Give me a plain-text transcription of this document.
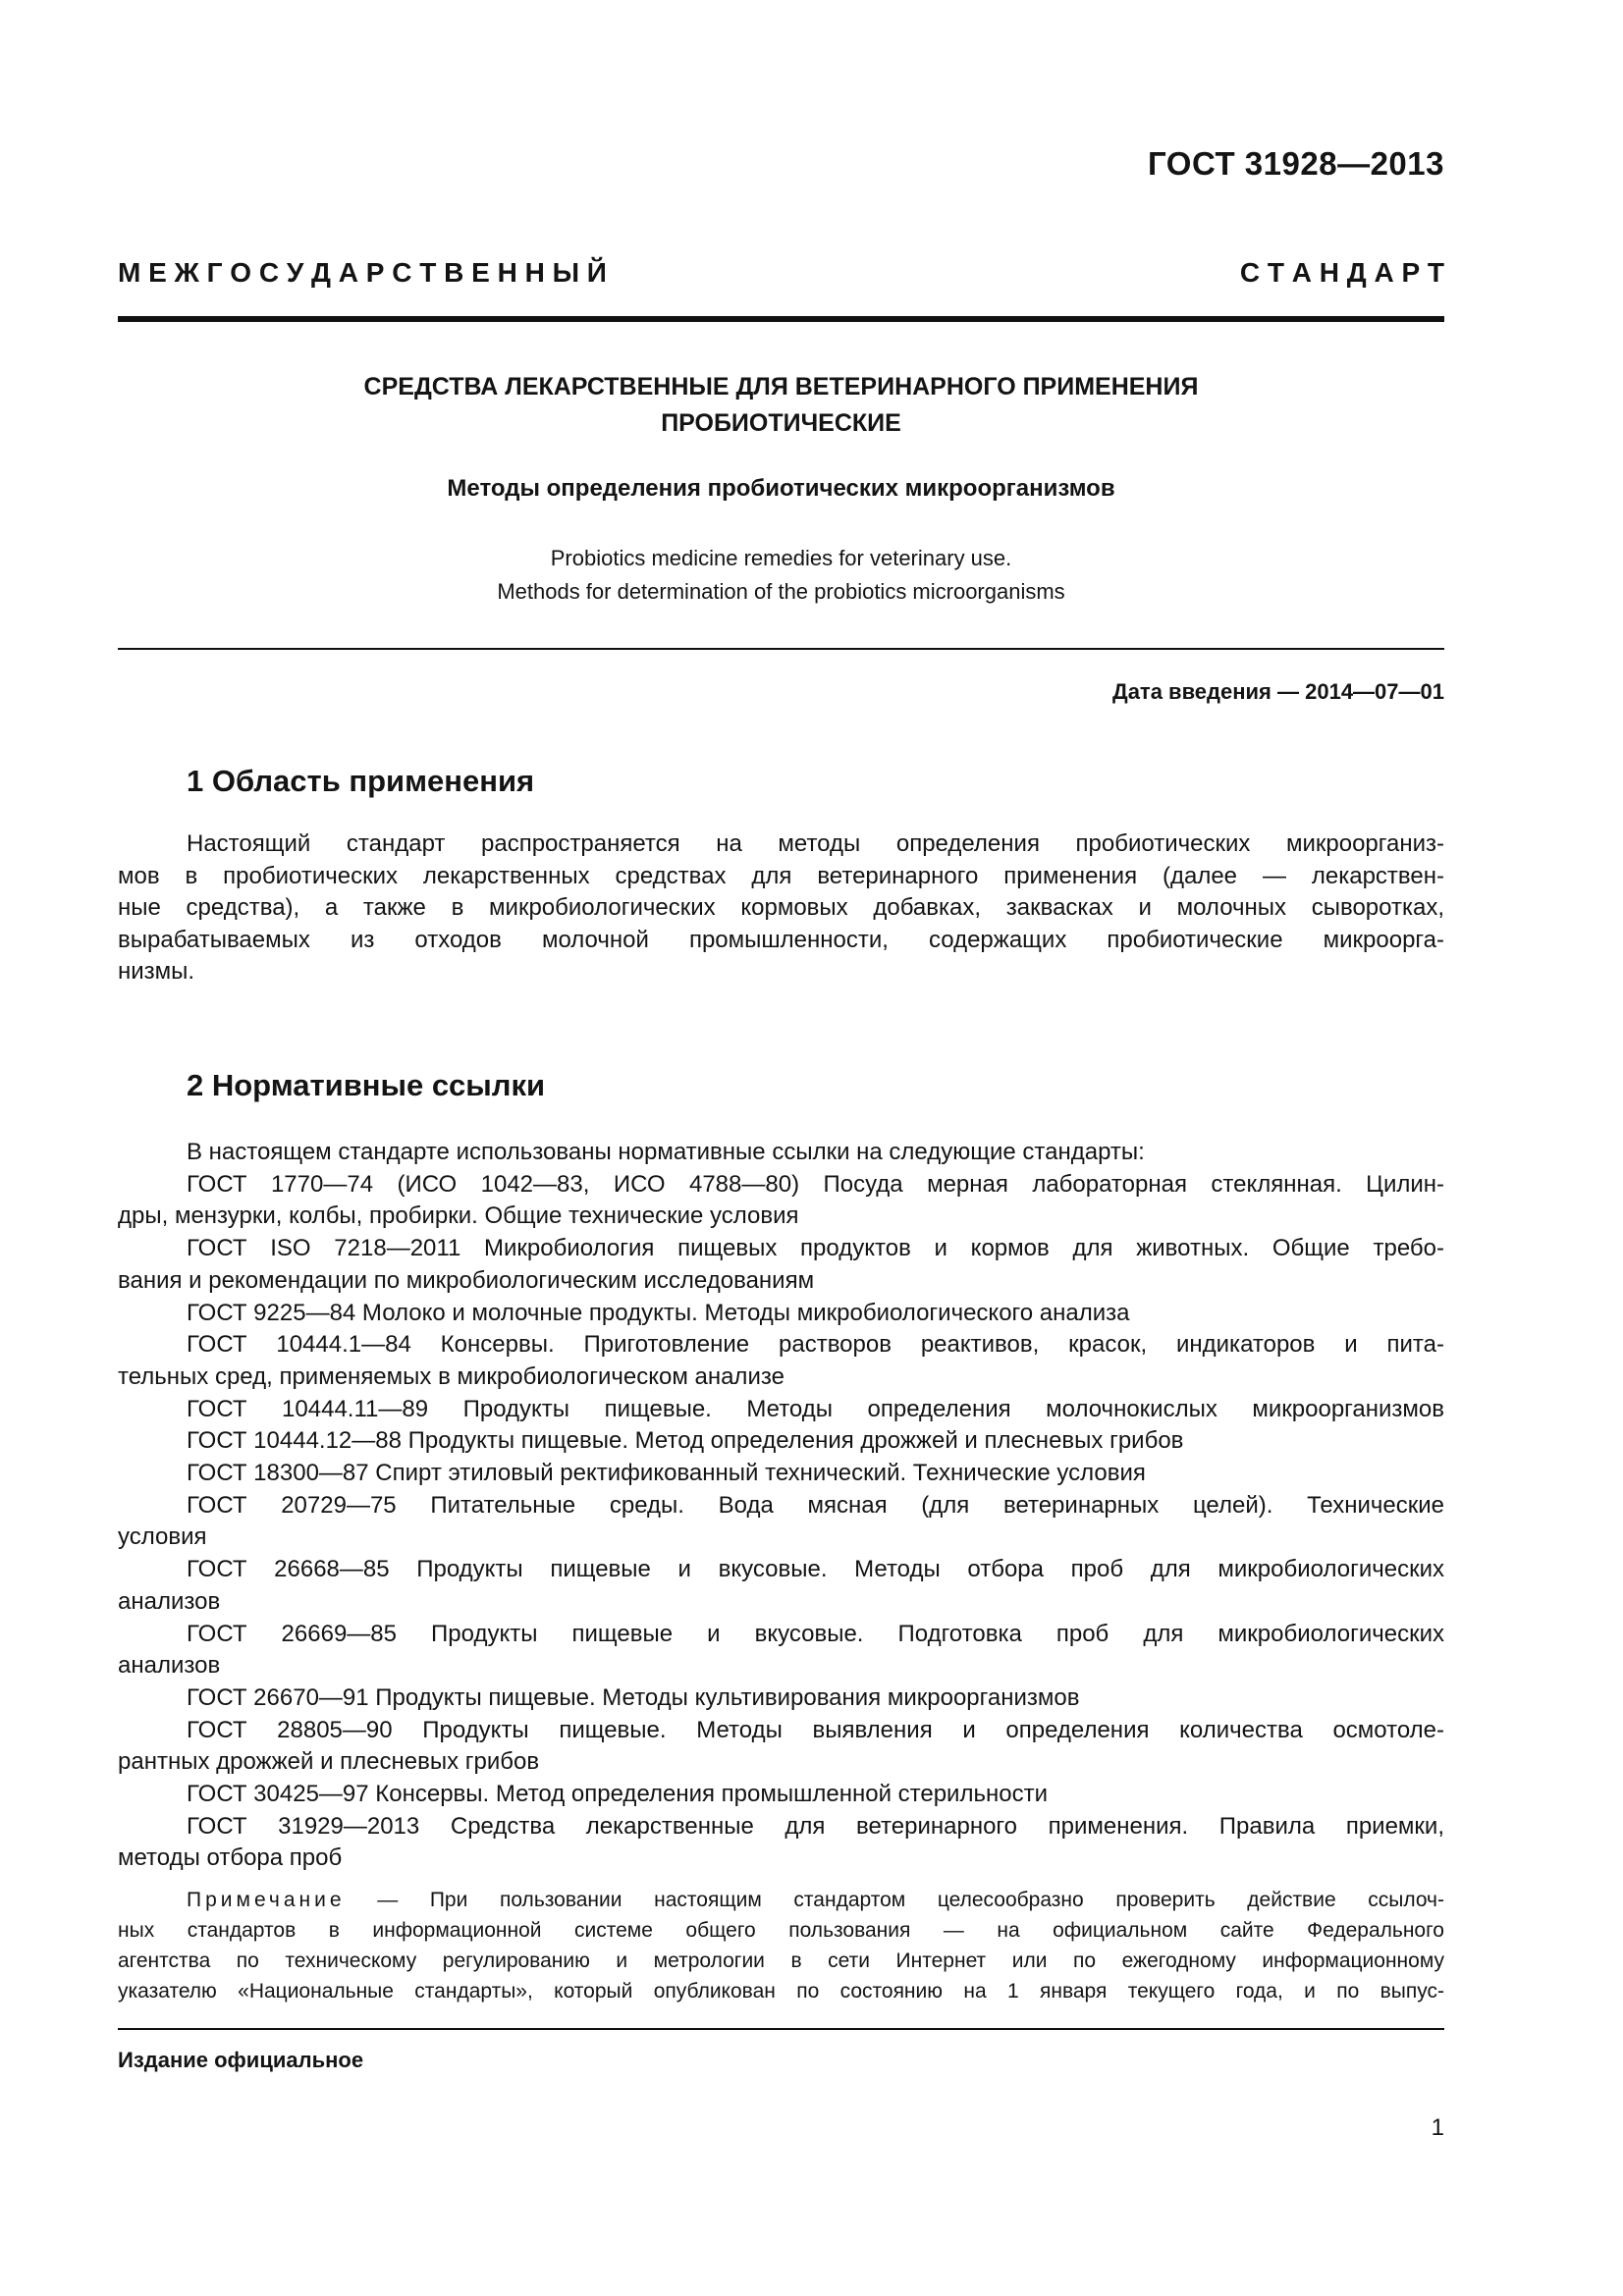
ГОСТ 31928—2013
М Е Ж Г О С У Д А Р С Т В Е Н Н Ы Й	С Т А Н Д А Р Т
СРЕДСТВА ЛЕКАРСТВЕННЫЕ ДЛЯ ВЕТЕРИНАРНОГО ПРИМЕНЕНИЯ
ПРОБИОТИЧЕСКИЕ
Методы определения пробиотических микроорганизмов
Probiotics medicine remedies for veterinary use.
Methods for determination of the probiotics microorganisms
Дата введения — 2014—07—01
1 Область применения
Настоящий стандарт распространяется на методы определения пробиотических микроорганиз-
мов в пробиотических лекарственных средствах для ветеринарного применения (далее — лекарствен-
ные средства), а также в микробиологических кормовых добавках, заквасках и молочных сыворотках,
вырабатываемых из отходов молочной промышленности, содержащих пробиотические микроорга-
низмы.
2 Нормативные ссылки
В настоящем стандарте использованы нормативные ссылки на следующие стандарты:
ГОСТ 1770—74 (ИСО 1042—83, ИСО 4788—80) Посуда мерная лабораторная стеклянная. Цилин-
дры, мензурки, колбы, пробирки. Общие технические условия
ГОСТ ISO 7218—2011 Микробиология пищевых продуктов и кормов для животных. Общие требо-
вания и рекомендации по микробиологическим исследованиям
ГОСТ 9225—84 Молоко и молочные продукты. Методы микробиологического анализа
ГОСТ 10444.1—84 Консервы. Приготовление растворов реактивов, красок, индикаторов и пита-
тельных сред, применяемых в микробиологическом анализе
ГОСТ 10444.11—89 Продукты пищевые. Методы определения молочнокислых микроорганизмов
ГОСТ 10444.12—88 Продукты пищевые. Метод определения дрожжей и плесневых грибов
ГОСТ 18300—87 Спирт этиловый ректификованный технический. Технические условия
ГОСТ 20729—75 Питательные среды. Вода мясная (для ветеринарных целей). Технические
условия
ГОСТ 26668—85 Продукты пищевые и вкусовые. Методы отбора проб для микробиологических
анализов
ГОСТ 26669—85 Продукты пищевые и вкусовые. Подготовка проб для микробиологических
анализов
ГОСТ 26670—91 Продукты пищевые. Методы культивирования микроорганизмов
ГОСТ 28805—90 Продукты пищевые. Методы выявления и определения количества осмотоле-
рантных дрожжей и плесневых грибов
ГОСТ 30425—97 Консервы. Метод определения промышленной стерильности
ГОСТ 31929—2013 Средства лекарственные для ветеринарного применения. Правила приемки,
методы отбора проб
Примечание — При пользовании настоящим стандартом целесообразно проверить действие ссылоч-
ных стандартов в информационной системе общего пользования — на официальном сайте Федерального
агентства по техническому регулированию и метрологии в сети Интернет или по ежегодному информационному
указателю «Национальные стандарты», который опубликован по состоянию на 1 января текущего года, и по выпус-
Издание официальное
1
